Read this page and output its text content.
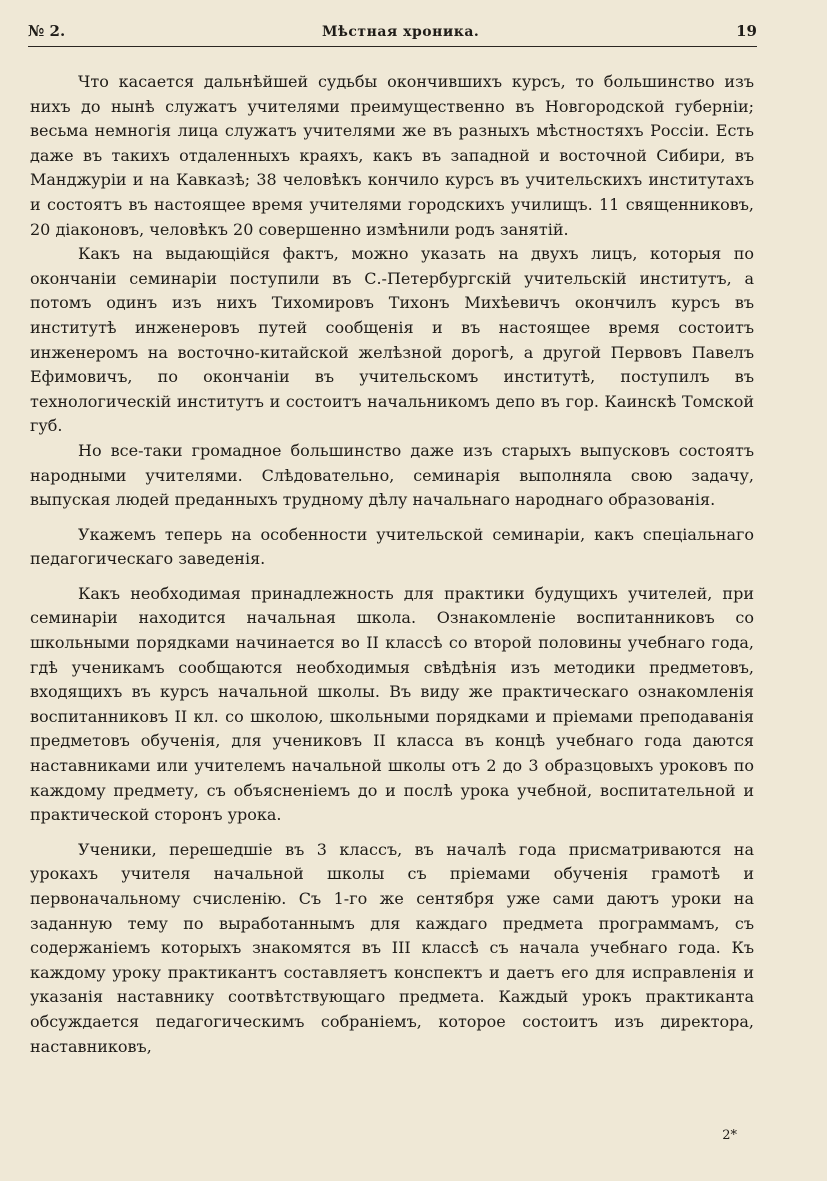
№ 2.	Мѣстная хроника.	19

Что касается дальнѣйшей судьбы окончившихъ курсъ, то большинство изъ нихъ до нынѣ служатъ учителями преимущественно въ Новгородской губерніи; весьма немногія лица служатъ учителями же въ разныхъ мѣстностяхъ Россіи. Есть даже въ такихъ отдаленныхъ краяхъ, какъ въ западной и восточной Сибири, въ Манджуріи и на Кавказѣ; 38 человѣкъ кончило курсъ въ учительскихъ институтахъ и состоятъ въ настоящее время учителями городскихъ училищъ. 11 священниковъ, 20 діаконовъ, человѣкъ 20 совершенно измѣнили родъ занятій.

Какъ на выдающійся фактъ, можно указать на двухъ лицъ, которыя по окончаніи семинаріи поступили въ С.-Петербургскій учительскій институтъ, а потомъ одинъ изъ нихъ Тихомировъ Тихонъ Михѣевичъ окончилъ курсъ въ институтѣ инженеровъ путей сообщенія и въ настоящее время состоитъ инженеромъ на восточно-китайской желѣзной дорогѣ, а другой Первовъ Павелъ Ефимовичъ, по окончаніи въ учительскомъ институтѣ, поступилъ въ технологическій институтъ и состоитъ начальникомъ депо въ гор. Каинскѣ Томской губ.

Но все-таки громадное большинство даже изъ старыхъ выпусковъ состоятъ народными учителями. Слѣдовательно, семинарія выполняла свою задачу, выпуская людей преданныхъ трудному дѣлу начальнаго народнаго образованія.

Укажемъ теперь на особенности учительской семинаріи, какъ спеціальнаго педагогическаго заведенія.

Какъ необходимая принадлежность для практики будущихъ учителей, при семинаріи находится начальная школа. Ознакомленіе воспитанниковъ со школьными порядками начинается во II классѣ со второй половины учебнаго года, гдѣ ученикамъ сообщаются необходимыя свѣдѣнія изъ методики предметовъ, входящихъ въ курсъ начальной школы. Въ виду же практическаго ознакомленія воспитанниковъ II кл. со школою, школьными порядками и пріемами преподаванія предметовъ обученія, для учениковъ II класса въ концѣ учебнаго года даются наставниками или учителемъ начальной школы отъ 2 до 3 образцовыхъ уроковъ по каждому предмету, съ объясненіемъ до и послѣ урока учебной, воспитательной и практической сторонъ урока.

Ученики, перешедшіе въ 3 классъ, въ началѣ года присматриваются на урокахъ учителя начальной школы съ пріемами обученія грамотѣ и первоначальному счисленію. Съ 1-го же сентября уже сами даютъ уроки на заданную тему по выработаннымъ для каждаго предмета программамъ, съ содержаніемъ которыхъ знакомятся въ III классѣ съ начала учебнаго года. Къ каждому уроку практикантъ составляетъ конспектъ и даетъ его для исправленія и указанія наставнику соотвѣтствующаго предмета. Каждый урокъ практиканта обсуждается педагогическимъ собраніемъ, которое состоитъ изъ директора, наставниковъ,

2*
